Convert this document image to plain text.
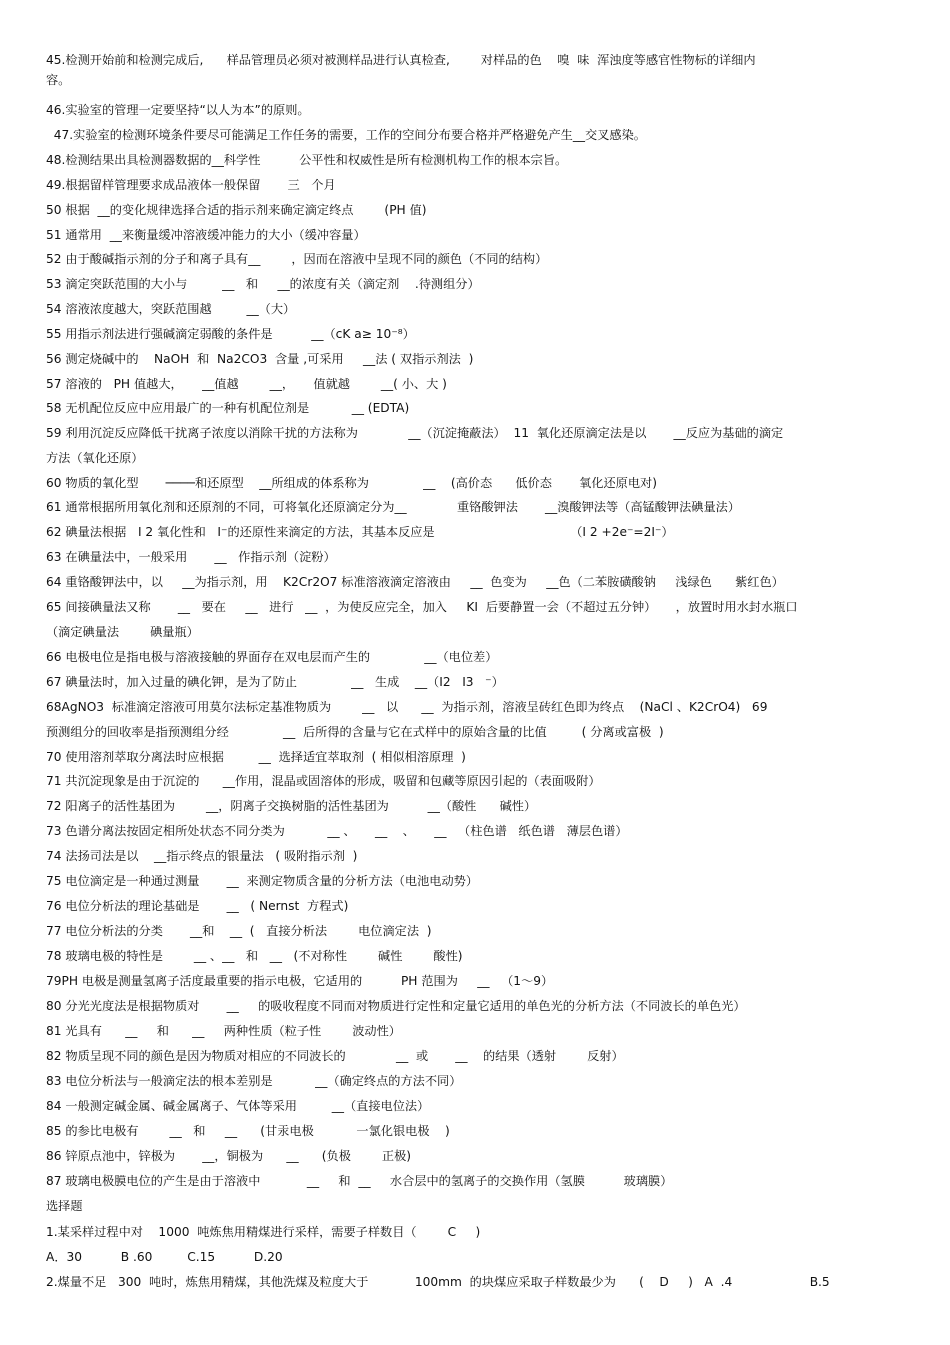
45.检测开始前和检测完成后,      样品管理员必须对被测样品进行认真检查,        对样品的色    嗅  味  浑浊度等感官性物标的详细内
容。
46.实验室的管理一定要坚持“以人为本”的原则。
47.实验室的检测环境条件要尽可能满足工作任务的需要，工作的空间分布要合格并严格避免产生__交叉感染。
48.检测结果出具检测器数据的__科学性          公平性和权威性是所有检测机构工作的根本宗旨。
49.根据留样管理要求成品液体一般保留       三   个月
50 根据  __的变化规律选择合适的指示剂来确定滴定终点        (PH 值)
51 通常用  __来衡量缓冲溶液缓冲能力的大小（缓冲容量）
52 由于酸碱指示剂的分子和离子具有__        ，因而在溶液中呈现不同的颜色（不同的结构）
53 滴定突跃范围的大小与         __   和     __的浓度有关（滴定剂    .待测组分）
54 溶液浓度越大，突跃范围越         __（大）
55 用指示剂法进行强碱滴定弱酸的条件是          __（cK a≥ 10⁻⁸）
56 测定烧碱中的    NaOH  和  Na2CO3  含量 ,可采用     __法 ( 双指示剂法  )
57 溶液的   PH 值越大，     __值越        __，     值就越        __( 小、大 )
58 无机配位反应中应用最广的一种有机配位剂是           __ (EDTA)
59 利用沉淀反应降低干扰离子浓度以消除干扰的方法称为             __（沉淀掩蔽法）  11  氧化还原滴定法是以       __反应为基础的滴定
方法（氧化还原）
60 物质的氧化型       ────和还原型    __所组成的体系称为              __    (高价态      低价态       氧化还原电对)
61 通常根据所用氧化剂和还原剂的不同，可将氧化还原滴定分为__             重铬酸钾法       __溴酸钾法等（高锰酸钾法碘量法）
62 碘量法根据   I 2 氧化性和   I⁻的还原性来滴定的方法，其基本反应是                                   （I 2 +2e⁻=2I⁻）
63 在碘量法中，一般采用       __   作指示剂（淀粉）
64 重铬酸钾法中，以     __为指示剂，用    K2Cr2O7 标准溶液滴定溶液由     __  色变为     __色（二苯胺磺酸钠     浅绿色      紫红色）
65 间接碘量法又称       __   要在     __   进行   __  ，为使反应完全，加入     KI  后要静置一会（不超过五分钟）     ，放置时用水封水瓶口
（滴定碘量法        碘量瓶）
66 电极电位是指电极与溶液接触的界面存在双电层而产生的              __（电位差）
67 碘量法时，加入过量的碘化钾，是为了防止              __   生成    __（I2   I3   ⁻）
68AgNO3  标准滴定溶液可用莫尔法标定基准物质为        __   以      __  为指示剂，溶液呈砖红色即为终点    (NaCl 、K2CrO4)   69
预测组分的回收率是指预测组分经              __  后所得的含量与它在式样中的原始含量的比值         ( 分离或富极  )
70 使用溶剂萃取分离法时应根据         __  选择适宜萃取剂  ( 相似相溶原理  )
71 共沉淀现象是由于沉淀的      __作用，混晶或固溶体的形成，吸留和包藏等原因引起的（表面吸附）
72 阳离子的活性基团为        __，阴离子交换树脂的活性基团为          __（酸性      碱性）
73 色谱分离法按固定相所处状态不同分类为           __ 、     __    、     __   （柱色谱   纸色谱   薄层色谱）
74 法扬司法是以    __指示终点的银量法   ( 吸附指示剂  )
75 电位滴定是一种通过测量       __  来测定物质含量的分析方法（电池电动势）
76 电位分析法的理论基础是       __   ( Nernst  方程式)
77 电位分析法的分类       __和    __  (   直接分析法        电位滴定法  )
78 玻璃电极的特性是        __ 、__   和   __   (不对称性        碱性        酸性)
79PH 电极是测量氢离子活度最重要的指示电极，它适用的          PH 范围为     __   （1～9）
80 分光光度法是根据物质对       __     的吸收程度不同而对物质进行定性和定量它适用的单色光的分析方法（不同波长的单色光）
81 光具有      __     和      __     两种性质（粒子性        波动性）
82 物质呈现不同的颜色是因为物质对相应的不同波长的             __  或       __    的结果（透射        反射）
83 电位分析法与一般滴定法的根本差别是           __（确定终点的方法不同）
84 一般测定碱金属、碱金属离子、气体等采用         __（直接电位法）
85 的参比电极有        __   和     __      (甘汞电极           一氯化银电极    )
86 锌原点池中，锌极为       __，铜极为      __      (负极        正极)
87 玻璃电极膜电位的产生是由于溶液中            __     和  __     水合层中的氢离子的交换作用（氢膜          玻璃膜）
选择题
1.某采样过程中对    1000  吨炼焦用精煤进行采样，需要子样数目（        C     )
A．30          B .60         C.15          D.20
2.煤量不足   300  吨时，炼焦用精煤，其他洗煤及粒度大于            100mm  的块煤应采取子样数最少为      (    D     )   A  .4                    B.5
